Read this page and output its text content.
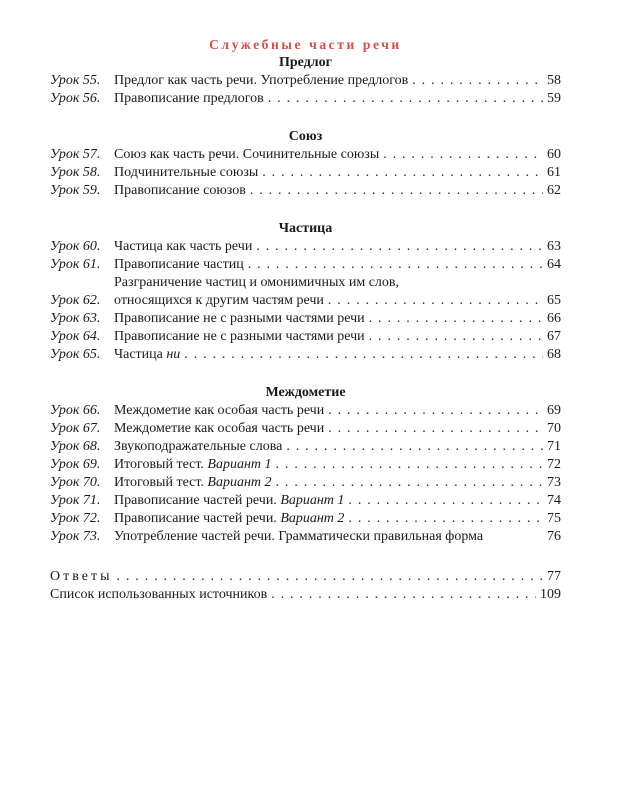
Служебные части речи
Предлог
Урок 55. Предлог как часть речи. Употребление предлогов . . .	58
Урок 56. Правописание предлогов . . .	59
Союз
Урок 57. Союз как часть речи. Сочинительные союзы . . .	60
Урок 58. Подчинительные союзы . . .	61
Урок 59. Правописание союзов . . .	62
Частица
Урок 60. Частица как часть речи . . .	63
Урок 61. Правописание частиц . . .	64
Урок 62.
Разграничение частиц и омонимичных им слов,
относящихся к другим частям речи . . .	65
Урок 63. Правописание не с разными частями речи . . .	66
Урок 64. Правописание не с разными частями речи . . .	67
Урок 65. Частица ни . . .	68
Междометие
Урок 66. Междометие как особая часть речи . . .	69
Урок 67. Междометие как особая часть речи . . .	70
Урок 68. Звукоподражательные слова . . .	71
Урок 69. Итоговый тест. Вариант 1 . . .	72
Урок 70. Итоговый тест. Вариант 2 . . .	73
Урок 71. Правописание частей речи. Вариант 1 . . .	74
Урок 72. Правописание частей речи. Вариант 2 . . .	75
Урок 73. Употребление частей речи. Грамматически правильная форма	76
Ответы . . .	77
Список использованных источников . . .	109
